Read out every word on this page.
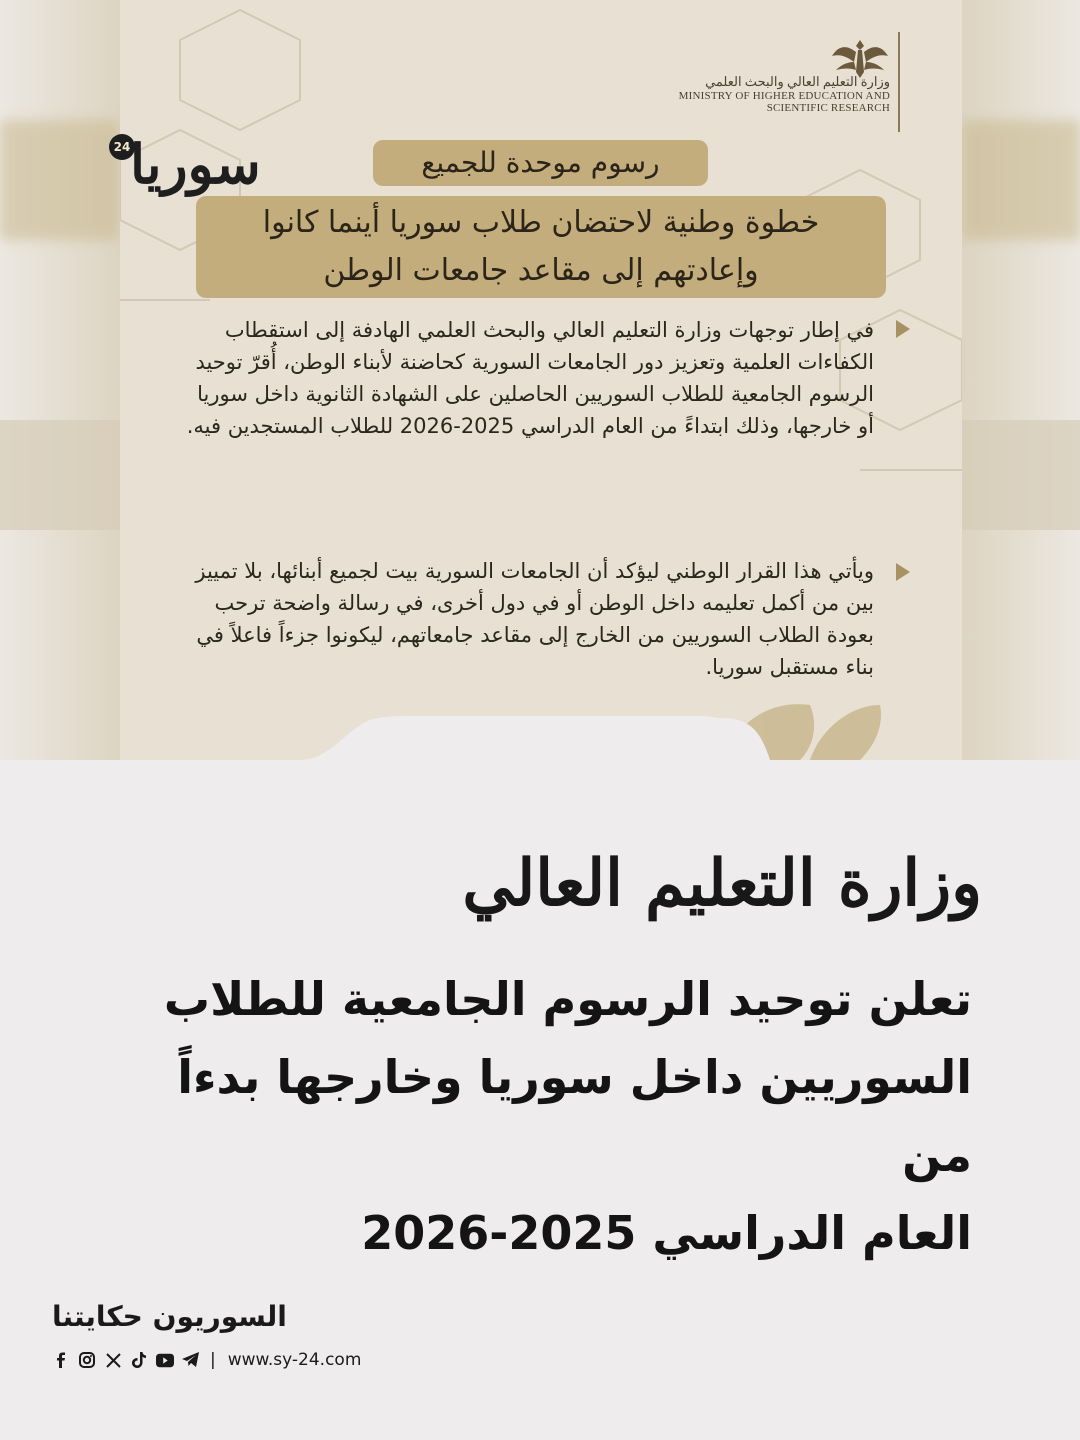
وزارة التعليم العالي والبحث العلمي
MINISTRY OF HIGHER EDUCATION AND
SCIENTIFIC RESEARCH
رسوم موحدة للجميع
خطوة وطنية لاحتضان طلاب سوريا أينما كانوا
وإعادتهم إلى مقاعد جامعات الوطن
في إطار توجهات وزارة التعليم العالي والبحث العلمي الهادفة إلى استقطاب الكفاءات العلمية وتعزيز دور الجامعات السورية كحاضنة لأبناء الوطن، أُقرّ توحيد الرسوم الجامعية للطلاب السوريين الحاصلين على الشهادة الثانوية داخل سوريا أو خارجها، وذلك ابتداءً من العام الدراسي 2025-2026 للطلاب المستجدين فيه.
ويأتي هذا القرار الوطني ليؤكد أن الجامعات السورية بيت لجميع أبنائها، بلا تمييز بين من أكمل تعليمه داخل الوطن أو في دول أخرى، في رسالة واضحة ترحب بعودة الطلاب السوريين من الخارج إلى مقاعد جامعاتهم، ليكونوا جزءاً فاعلاً في بناء مستقبل سوريا.
24 سوريا
وزارة التعليم العالي
تعلن توحيد الرسوم الجامعية للطلاب
السوريين داخل سوريا وخارجها بدءاً من
العام الدراسي 2025-2026
السوريون حكايتنا
| www.sy-24.com
